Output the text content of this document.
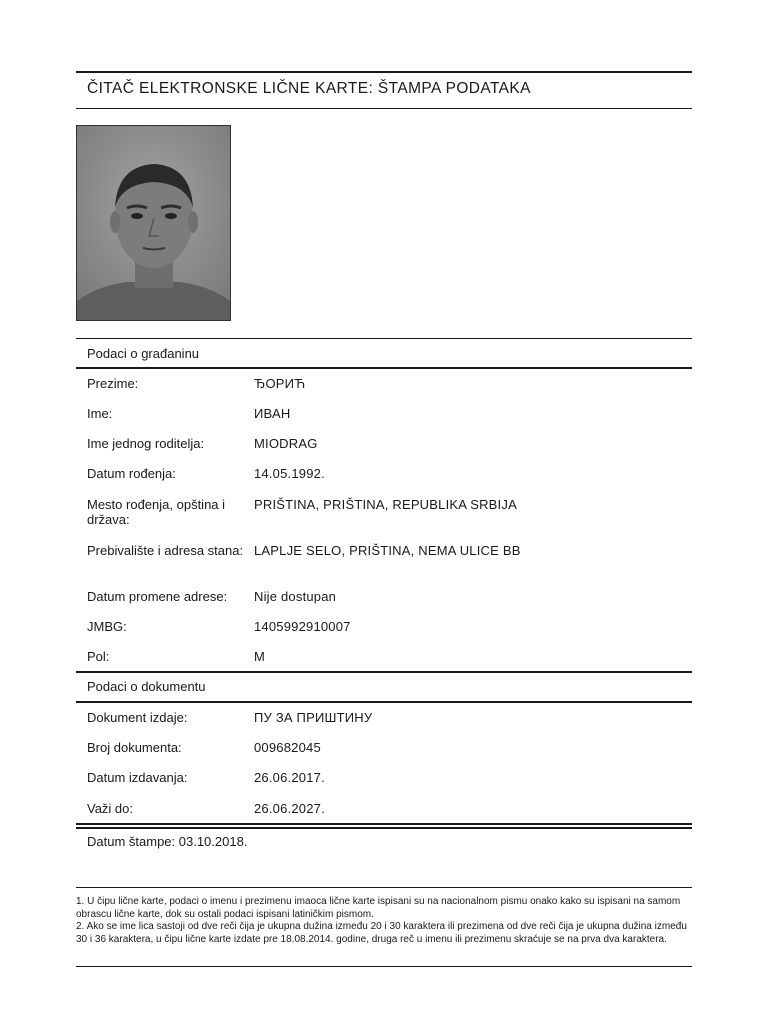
ČITAČ ELEKTRONSKE LIČNE KARTE: ŠTAMPA PODATAKA
Podaci o građaninu
Prezime:	ЂОРИЋ
Ime:	ИВАН
Ime jednog roditelja:	MIODRAG
Datum rođenja:	14.05.1992.
Mesto rođenja, opština i država:
PRIŠTINA, PRIŠTINA, REPUBLIKA SRBIJA
Prebivalište i adresa stana: LAPLJE SELO, PRIŠTINA, NEMA ULICE BB
Datum promene adrese:	Nije dostupan
JMBG:	1405992910007
Pol:	M
Podaci o dokumentu
Dokument izdaje:	ПУ ЗА ПРИШТИНУ
Broj dokumenta:	009682045
Datum izdavanja:	26.06.2017.
Važi do:	26.06.2027.
Datum štampe: 03.10.2018.

1. U čipu lične karte, podaci o imenu i prezimenu imaoca lične karte ispisani su na nacionalnom pismu onako kako su ispisani na samom obrascu lične karte, dok su ostali podaci ispisani latiničkim pismom.

2. Ako se ime lica sastoji od dve reči čija je ukupna dužina između 20 i 30 karaktera ili prezimena od dve reči čija je ukupna dužina između 30 i 36 karaktera, u čipu lične karte izdate pre 18.08.2014. godine, druga reč u imenu ili prezimenu skraćuje se na prva dva karaktera.
